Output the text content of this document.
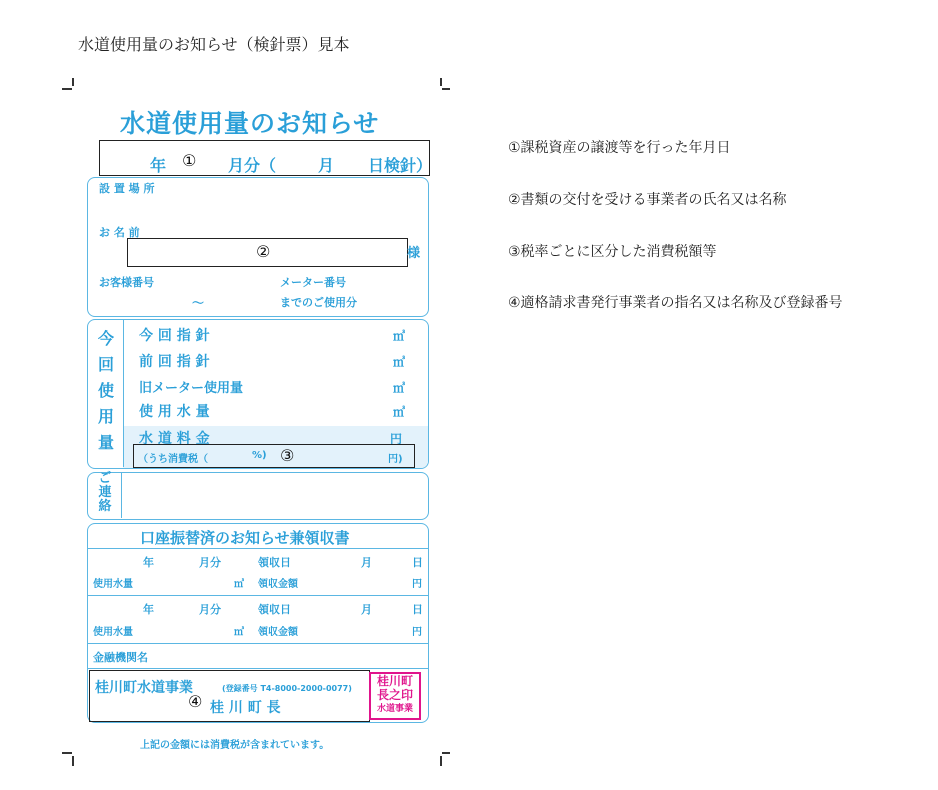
水道使用量のお知らせ（検針票）見本
水道使用量のお知らせ
年	月分（	月 日検針）
①
設 置 場 所
お 名 前
②	様
お客様番号	メーター番号
～	までのご使用分
今
回
使
用
量
今 回 指 針	㎥
前 回 指 針	㎥
旧メーター使用量	㎥
使 用 水 量	㎥
水 道 料 金	円
（うち消費税（	%) ③	円)
ご
連
絡
口座振替済のお知らせ兼領収書
年	月分	領収日	月	日
使用水量	㎥ 領収金額	円
年	月分	領収日	月	日
使用水量	㎥ 領収金額	円
金融機関名
桂川町水道事業	(登録番号 T4-8000-2000-0077)
④ 桂 川 町 長
桂川町
長之印
水道事業
上記の金額には消費税が含まれています。
①課税資産の譲渡等を行った年月日
②書類の交付を受ける事業者の氏名又は名称
③税率ごとに区分した消費税額等
④適格請求書発行事業者の指名又は名称及び登録番号
